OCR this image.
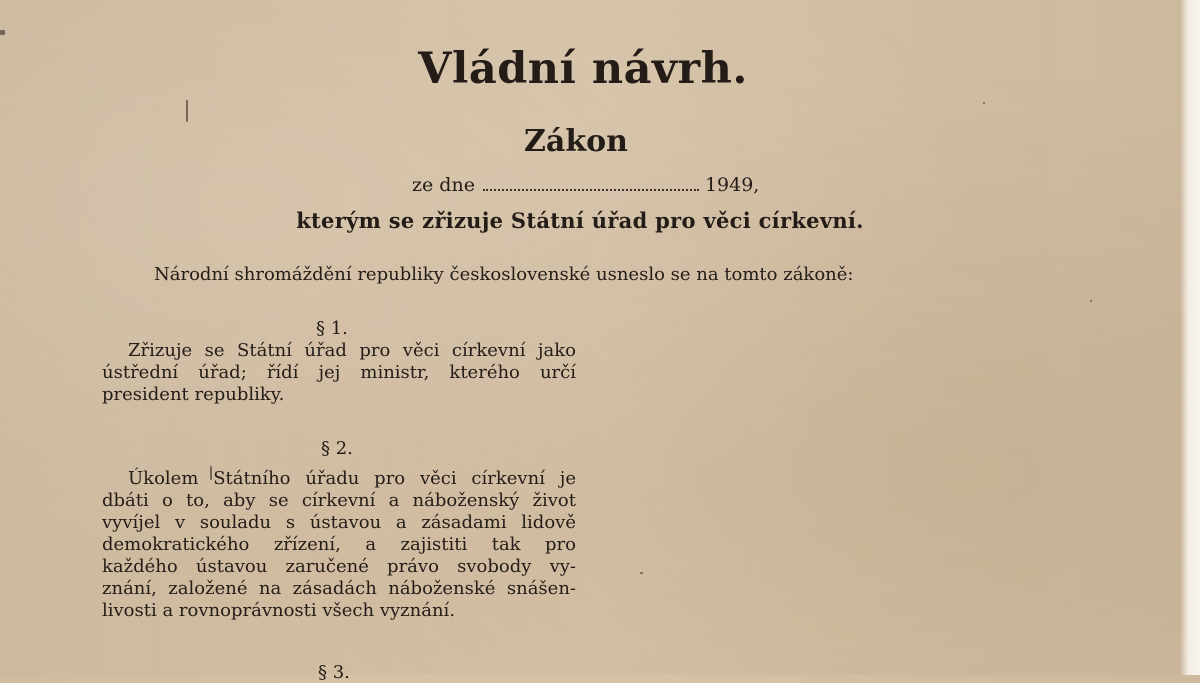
Vládní návrh.
Zákon
ze dne	1949,

kterým se zřizuje Státní úřad pro věci církevní.

Národní shromáždění republiky československé usneslo se na tomto zákoně:

§ 1.

Zřizuje se Státní úřad pro věci církevní jako
ústřední úřad; řídí jej ministr, kterého určí
president republiky.

§ 2.

Úkolem Státního úřadu pro věci církevní je
dbáti o to, aby se církevní a náboženský život
vyvíjel v souladu s ústavou a zásadami lidově
demokratického zřízení, a zajistiti tak pro
každého ústavou zaručené právo svobody vy-
znání, založené na zásadách náboženské snášen-
livosti a rovnoprávnosti všech vyznání.

§ 3.
